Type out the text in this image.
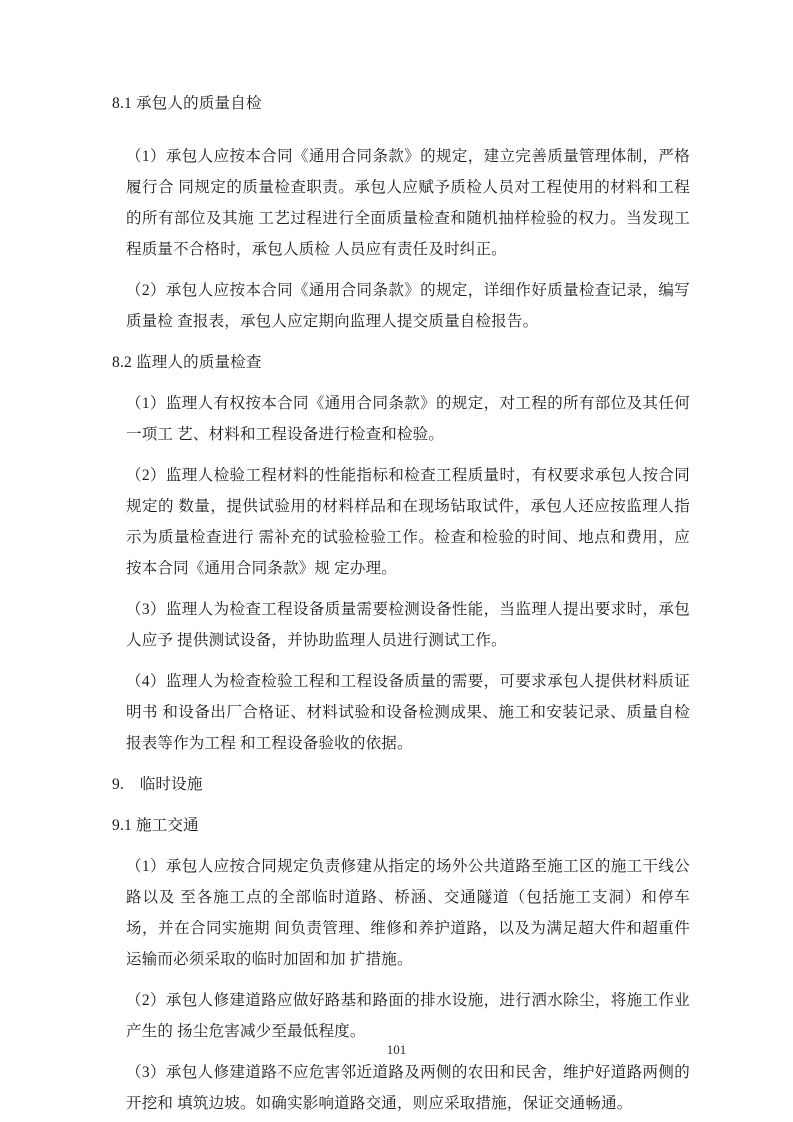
8.1 承包人的质量自检

（1）承包人应按本合同《通用合同条款》的规定，建立完善质量管理体制，严格履行合 同规定的质量检查职责。承包人应赋予质检人员对工程使用的材料和工程的所有部位及其施 工艺过程进行全面质量检查和随机抽样检验的权力。当发现工程质量不合格时，承包人质检 人员应有责任及时纠正。

（2）承包人应按本合同《通用合同条款》的规定，详细作好质量检查记录，编写质量检 查报表，承包人应定期向监理人提交质量自检报告。

8.2 监理人的质量检查

（1）监理人有权按本合同《通用合同条款》的规定，对工程的所有部位及其任何一项工 艺、材料和工程设备进行检查和检验。

（2）监理人检验工程材料的性能指标和检查工程质量时，有权要求承包人按合同规定的 数量，提供试验用的材料样品和在现场钻取试件，承包人还应按监理人指示为质量检查进行 需补充的试验检验工作。检查和检验的时间、地点和费用，应按本合同《通用合同条款》规 定办理。

（3）监理人为检查工程设备质量需要检测设备性能，当监理人提出要求时，承包人应予 提供测试设备，并协助监理人员进行测试工作。

（4）监理人为检查检验工程和工程设备质量的需要，可要求承包人提供材料质证明书 和设备出厂合格证、材料试验和设备检测成果、施工和安装记录、质量自检报表等作为工程 和工程设备验收的依据。

9.　临时设施

9.1 施工交通

（1）承包人应按合同规定负责修建从指定的场外公共道路至施工区的施工干线公路以及 至各施工点的全部临时道路、桥涵、交通隧道（包括施工支洞）和停车场，并在合同实施期 间负责管理、维修和养护道路，以及为满足超大件和超重件运输而必须采取的临时加固和加 扩措施。

（2）承包人修建道路应做好路基和路面的排水设施，进行洒水除尘，将施工作业产生的 扬尘危害减少至最低程度。

（3）承包人修建道路不应危害邻近道路及两侧的农田和民舍，维护好道路两侧的开挖和 填筑边坡。如确实影响道路交通，则应采取措施，保证交通畅通。

101
